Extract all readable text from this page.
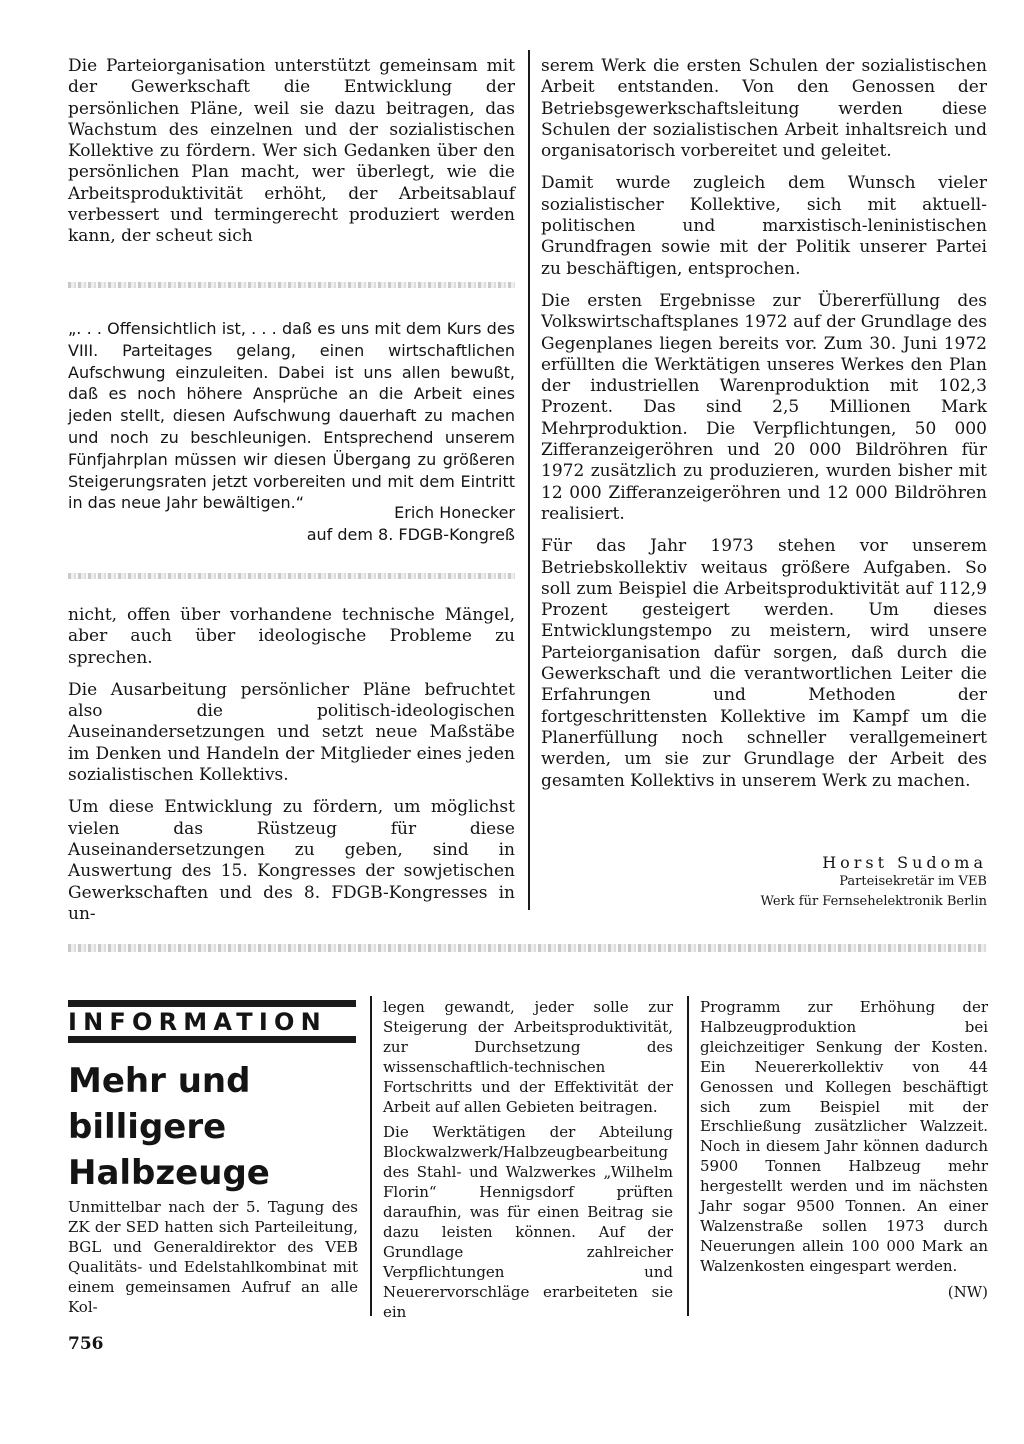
Die Parteiorganisation unterstützt gemeinsam mit der Gewerkschaft die Entwicklung der persönlichen Pläne, weil sie dazu beitragen, das Wachstum des einzelnen und der sozialistischen Kollektive zu fördern. Wer sich Gedanken über den persönlichen Plan macht, wer überlegt, wie die Arbeitsproduktivität erhöht, der Arbeitsablauf verbessert und termingerecht produziert werden kann, der scheut sich

„. . . Offensichtlich ist, . . . daß es uns mit dem Kurs des VIII. Parteitages gelang, einen wirtschaftlichen Aufschwung einzuleiten. Dabei ist uns allen bewußt, daß es noch höhere Ansprüche an die Arbeit eines jeden stellt, diesen Aufschwung dauerhaft zu machen und noch zu beschleunigen. Entsprechend unserem Fünfjahrplan müssen wir diesen Übergang zu größeren Steigerungsraten jetzt vorbereiten und mit dem Eintritt in das neue Jahr bewältigen.“
Erich Honecker
auf dem 8. FDGB-Kongreß

nicht, offen über vorhandene technische Mängel, aber auch über ideologische Probleme zu sprechen.

Die Ausarbeitung persönlicher Pläne befruchtet also die politisch-ideologischen Auseinandersetzungen und setzt neue Maßstäbe im Denken und Handeln der Mitglieder eines jeden sozialistischen Kollektivs.

Um diese Entwicklung zu fördern, um möglichst vielen das Rüstzeug für diese Auseinandersetzungen zu geben, sind in Auswertung des 15. Kongresses der sowjetischen Gewerkschaften und des 8. FDGB-Kongresses in un-

serem Werk die ersten Schulen der sozialistischen Arbeit entstanden. Von den Genossen der Betriebsgewerkschaftsleitung werden diese Schulen der sozialistischen Arbeit inhaltsreich und organisatorisch vorbereitet und geleitet.

Damit wurde zugleich dem Wunsch vieler sozialistischer Kollektive, sich mit aktuell-politischen und marxistisch-leninistischen Grundfragen sowie mit der Politik unserer Partei zu beschäftigen, entsprochen.

Die ersten Ergebnisse zur Übererfüllung des Volkswirtschaftsplanes 1972 auf der Grundlage des Gegenplanes liegen bereits vor. Zum 30. Juni 1972 erfüllten die Werktätigen unseres Werkes den Plan der industriellen Warenproduktion mit 102,3 Prozent. Das sind 2,5 Millionen Mark Mehrproduktion. Die Verpflichtungen, 50 000 Zifferanzeigeröhren und 20 000 Bildröhren für 1972 zusätzlich zu produzieren, wurden bisher mit 12 000 Zifferanzeigeröhren und 12 000 Bildröhren realisiert.

Für das Jahr 1973 stehen vor unserem Betriebskollektiv weitaus größere Aufgaben. So soll zum Beispiel die Arbeitsproduktivität auf 112,9 Prozent gesteigert werden. Um dieses Entwicklungstempo zu meistern, wird unsere Parteiorganisation dafür sorgen, daß durch die Gewerkschaft und die verantwortlichen Leiter die Erfahrungen und Methoden der fortgeschrittensten Kollektive im Kampf um die Planerfüllung noch schneller verallgemeinert werden, um sie zur Grundlage der Arbeit des gesamten Kollektivs in unserem Werk zu machen.

Horst Sudoma
Parteisekretär im VEB
Werk für Fernsehelektronik Berlin
INFORMATION
Mehr und
billigere
Halbzeuge

Unmittelbar nach der 5. Tagung des ZK der SED hatten sich Parteileitung, BGL und Generaldirektor des VEB Qualitäts- und Edelstahlkombinat mit einem gemeinsamen Aufruf an alle Kol-

legen gewandt, jeder solle zur Steigerung der Arbeitsproduktivität, zur Durchsetzung des wissenschaftlich-technischen Fortschritts und der Effektivität der Arbeit auf allen Gebieten beitragen.

Die Werktätigen der Abteilung Blockwalzwerk/Halbzeugbearbeitung des Stahl- und Walzwerkes „Wilhelm Florin“ Hennigsdorf prüften daraufhin, was für einen Beitrag sie dazu leisten können. Auf der Grundlage zahlreicher Verpflichtungen und Neuerervorschläge erarbeiteten sie ein

Programm zur Erhöhung der Halbzeugproduktion bei gleichzeitiger Senkung der Kosten. Ein Neuererkollektiv von 44 Genossen und Kollegen beschäftigt sich zum Beispiel mit der Erschließung zusätzlicher Walzzeit. Noch in diesem Jahr können dadurch 5900 Tonnen Halbzeug mehr hergestellt werden und im nächsten Jahr sogar 9500 Tonnen. An einer Walzenstraße sollen 1973 durch Neuerungen allein 100 000 Mark an Walzenkosten eingespart werden.

(NW)
756
